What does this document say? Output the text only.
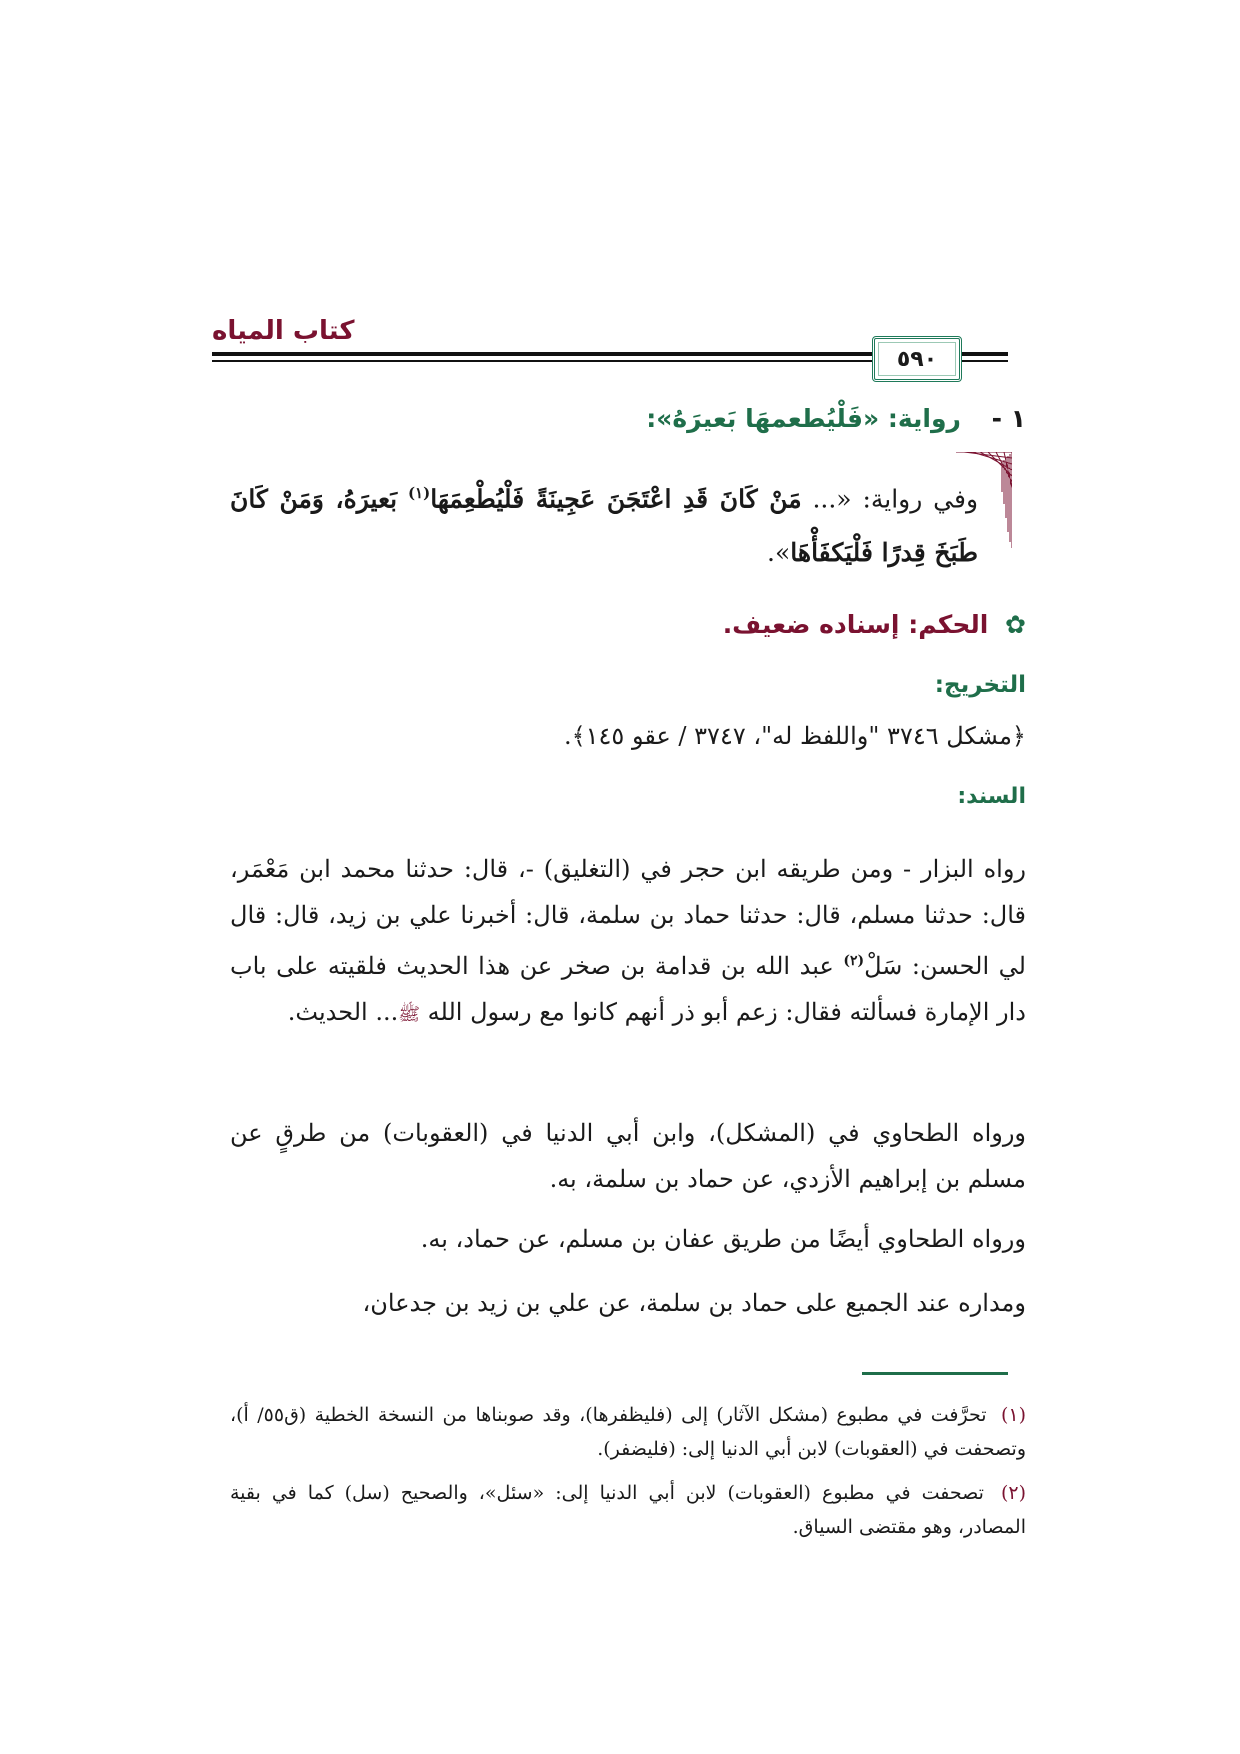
كتاب المياه
٥٩٠
١ - رواية: «فَلْيُطعمهَا بَعيرَهُ»:
وفي رواية: «... مَنْ كَانَ قَدِ اعْتَجَنَ عَجِينَةً فَلْيُطْعِمَهَا$^{(١)}$ بَعيرَهُ، وَمَنْ كَانَ طَبَخَ قِدرًا فَلْيَكفَأْهَا».
✿ الحكم: إسناده ضعيف.
التخريج:
﴿مشكل ٣٧٤٦ "واللفظ له"، ٣٧٤٧ / عقو ١٤٥﴾.
السند:
رواه البزار - ومن طريقه ابن حجر في (التغليق) -، قال: حدثنا محمد ابن مَعْمَر، قال: حدثنا مسلم، قال: حدثنا حماد بن سلمة، قال: أخبرنا علي بن زيد، قال: قال لي الحسن: سَلْ$^{(٢)}$ عبد الله بن قدامة بن صخر عن هذا الحديث فلقيته على باب دار الإمارة فسألته فقال: زعم أبو ذر أنهم كانوا مع رسول الله ﷺ... الحديث.
ورواه الطحاوي في (المشكل)، وابن أبي الدنيا في (العقوبات) من طرقٍ عن مسلم بن إبراهيم الأزدي، عن حماد بن سلمة، به.
ورواه الطحاوي أيضًا من طريق عفان بن مسلم، عن حماد، به.
ومداره عند الجميع على حماد بن سلمة، عن علي بن زيد بن جدعان،
(١) تحرَّفت في مطبوع (مشكل الآثار) إلى (فليظفرها)، وقد صوبناها من النسخة الخطية (ق٥٥/ أ)، وتصحفت في (العقوبات) لابن أبي الدنيا إلى: (فليضفر).
(٢) تصحفت في مطبوع (العقوبات) لابن أبي الدنيا إلى: «سئل»، والصحيح (سل) كما في بقية المصادر، وهو مقتضى السياق.
